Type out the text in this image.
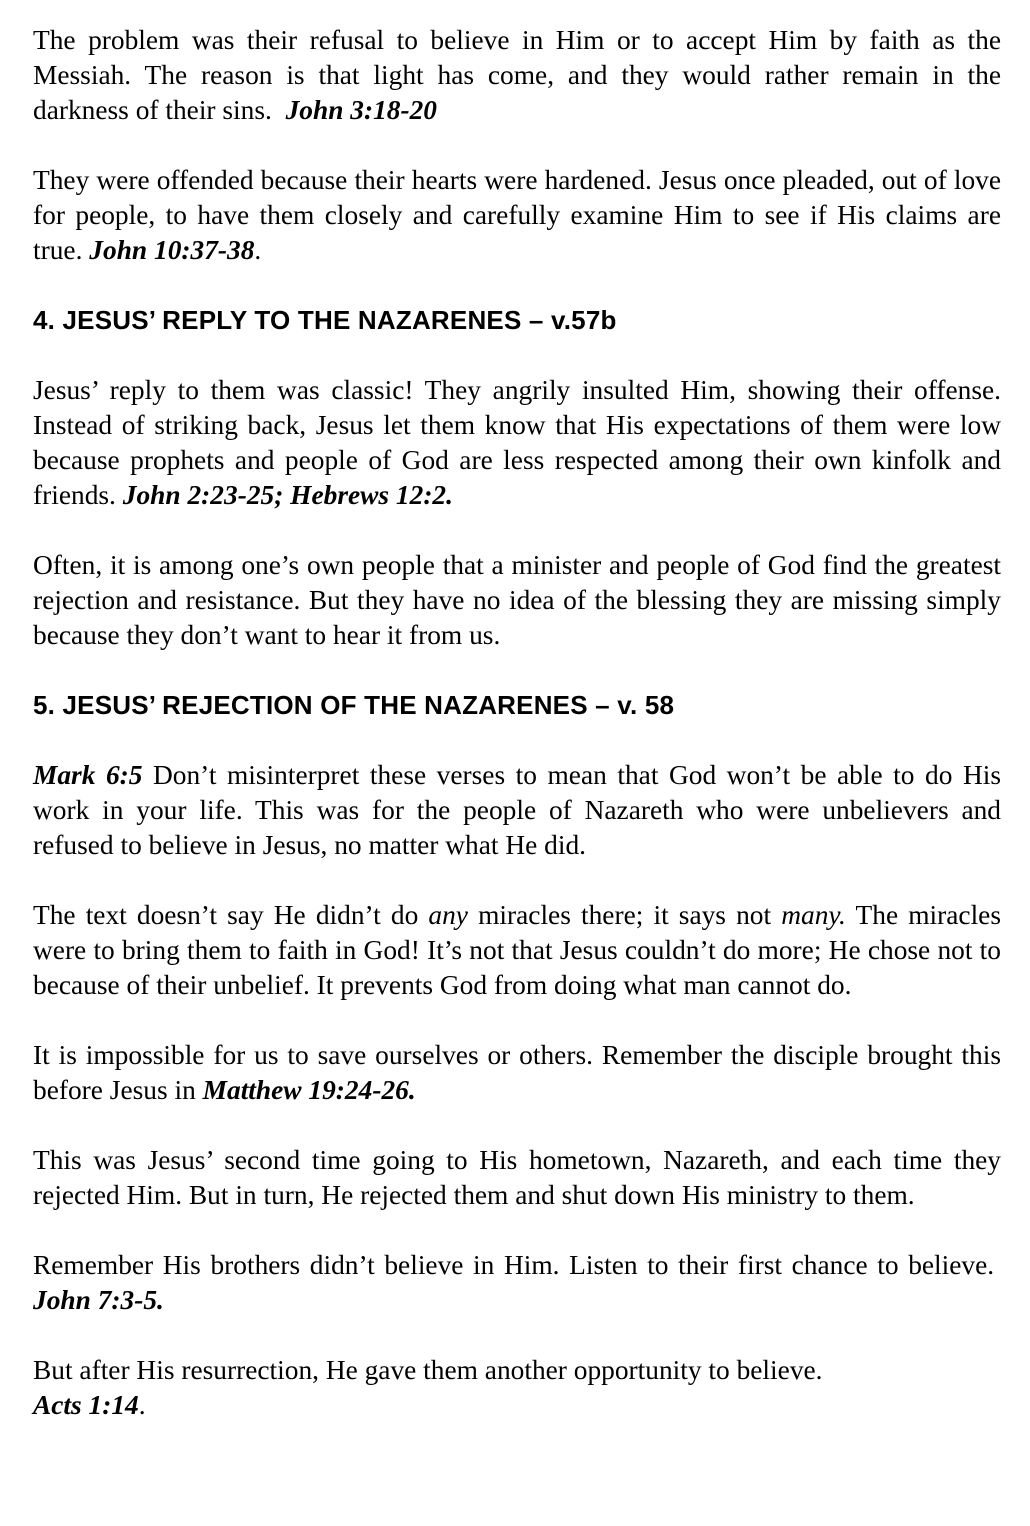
The problem was their refusal to believe in Him or to accept Him by faith as the Messiah. The reason is that light has come, and they would rather remain in the darkness of their sins. John 3:18-20

They were offended because their hearts were hardened. Jesus once pleaded, out of love for people, to have them closely and carefully examine Him to see if His claims are true. John 10:37-38.

4. JESUS’ REPLY TO THE NAZARENES – v.57b

Jesus’ reply to them was classic! They angrily insulted Him, showing their offense. Instead of striking back, Jesus let them know that His expectations of them were low because prophets and people of God are less respected among their own kinfolk and friends. John 2:23-25; Hebrews 12:2.

Often, it is among one’s own people that a minister and people of God find the greatest rejection and resistance. But they have no idea of the blessing they are missing simply because they don’t want to hear it from us.

5. JESUS’ REJECTION OF THE NAZARENES – v. 58

Mark 6:5 Don’t misinterpret these verses to mean that God won’t be able to do His work in your life. This was for the people of Nazareth who were unbelievers and refused to believe in Jesus, no matter what He did.

The text doesn’t say He didn’t do any miracles there; it says not many. The miracles were to bring them to faith in God! It’s not that Jesus couldn’t do more; He chose not to because of their unbelief. It prevents God from doing what man cannot do.

It is impossible for us to save ourselves or others. Remember the disciple brought this before Jesus in Matthew 19:24-26.

This was Jesus’ second time going to His hometown, Nazareth, and each time they rejected Him. But in turn, He rejected them and shut down His ministry to them.

Remember His brothers didn’t believe in Him. Listen to their first chance to believe.  John 7:3-5.

But after His resurrection, He gave them another opportunity to believe.
Acts 1:14.
